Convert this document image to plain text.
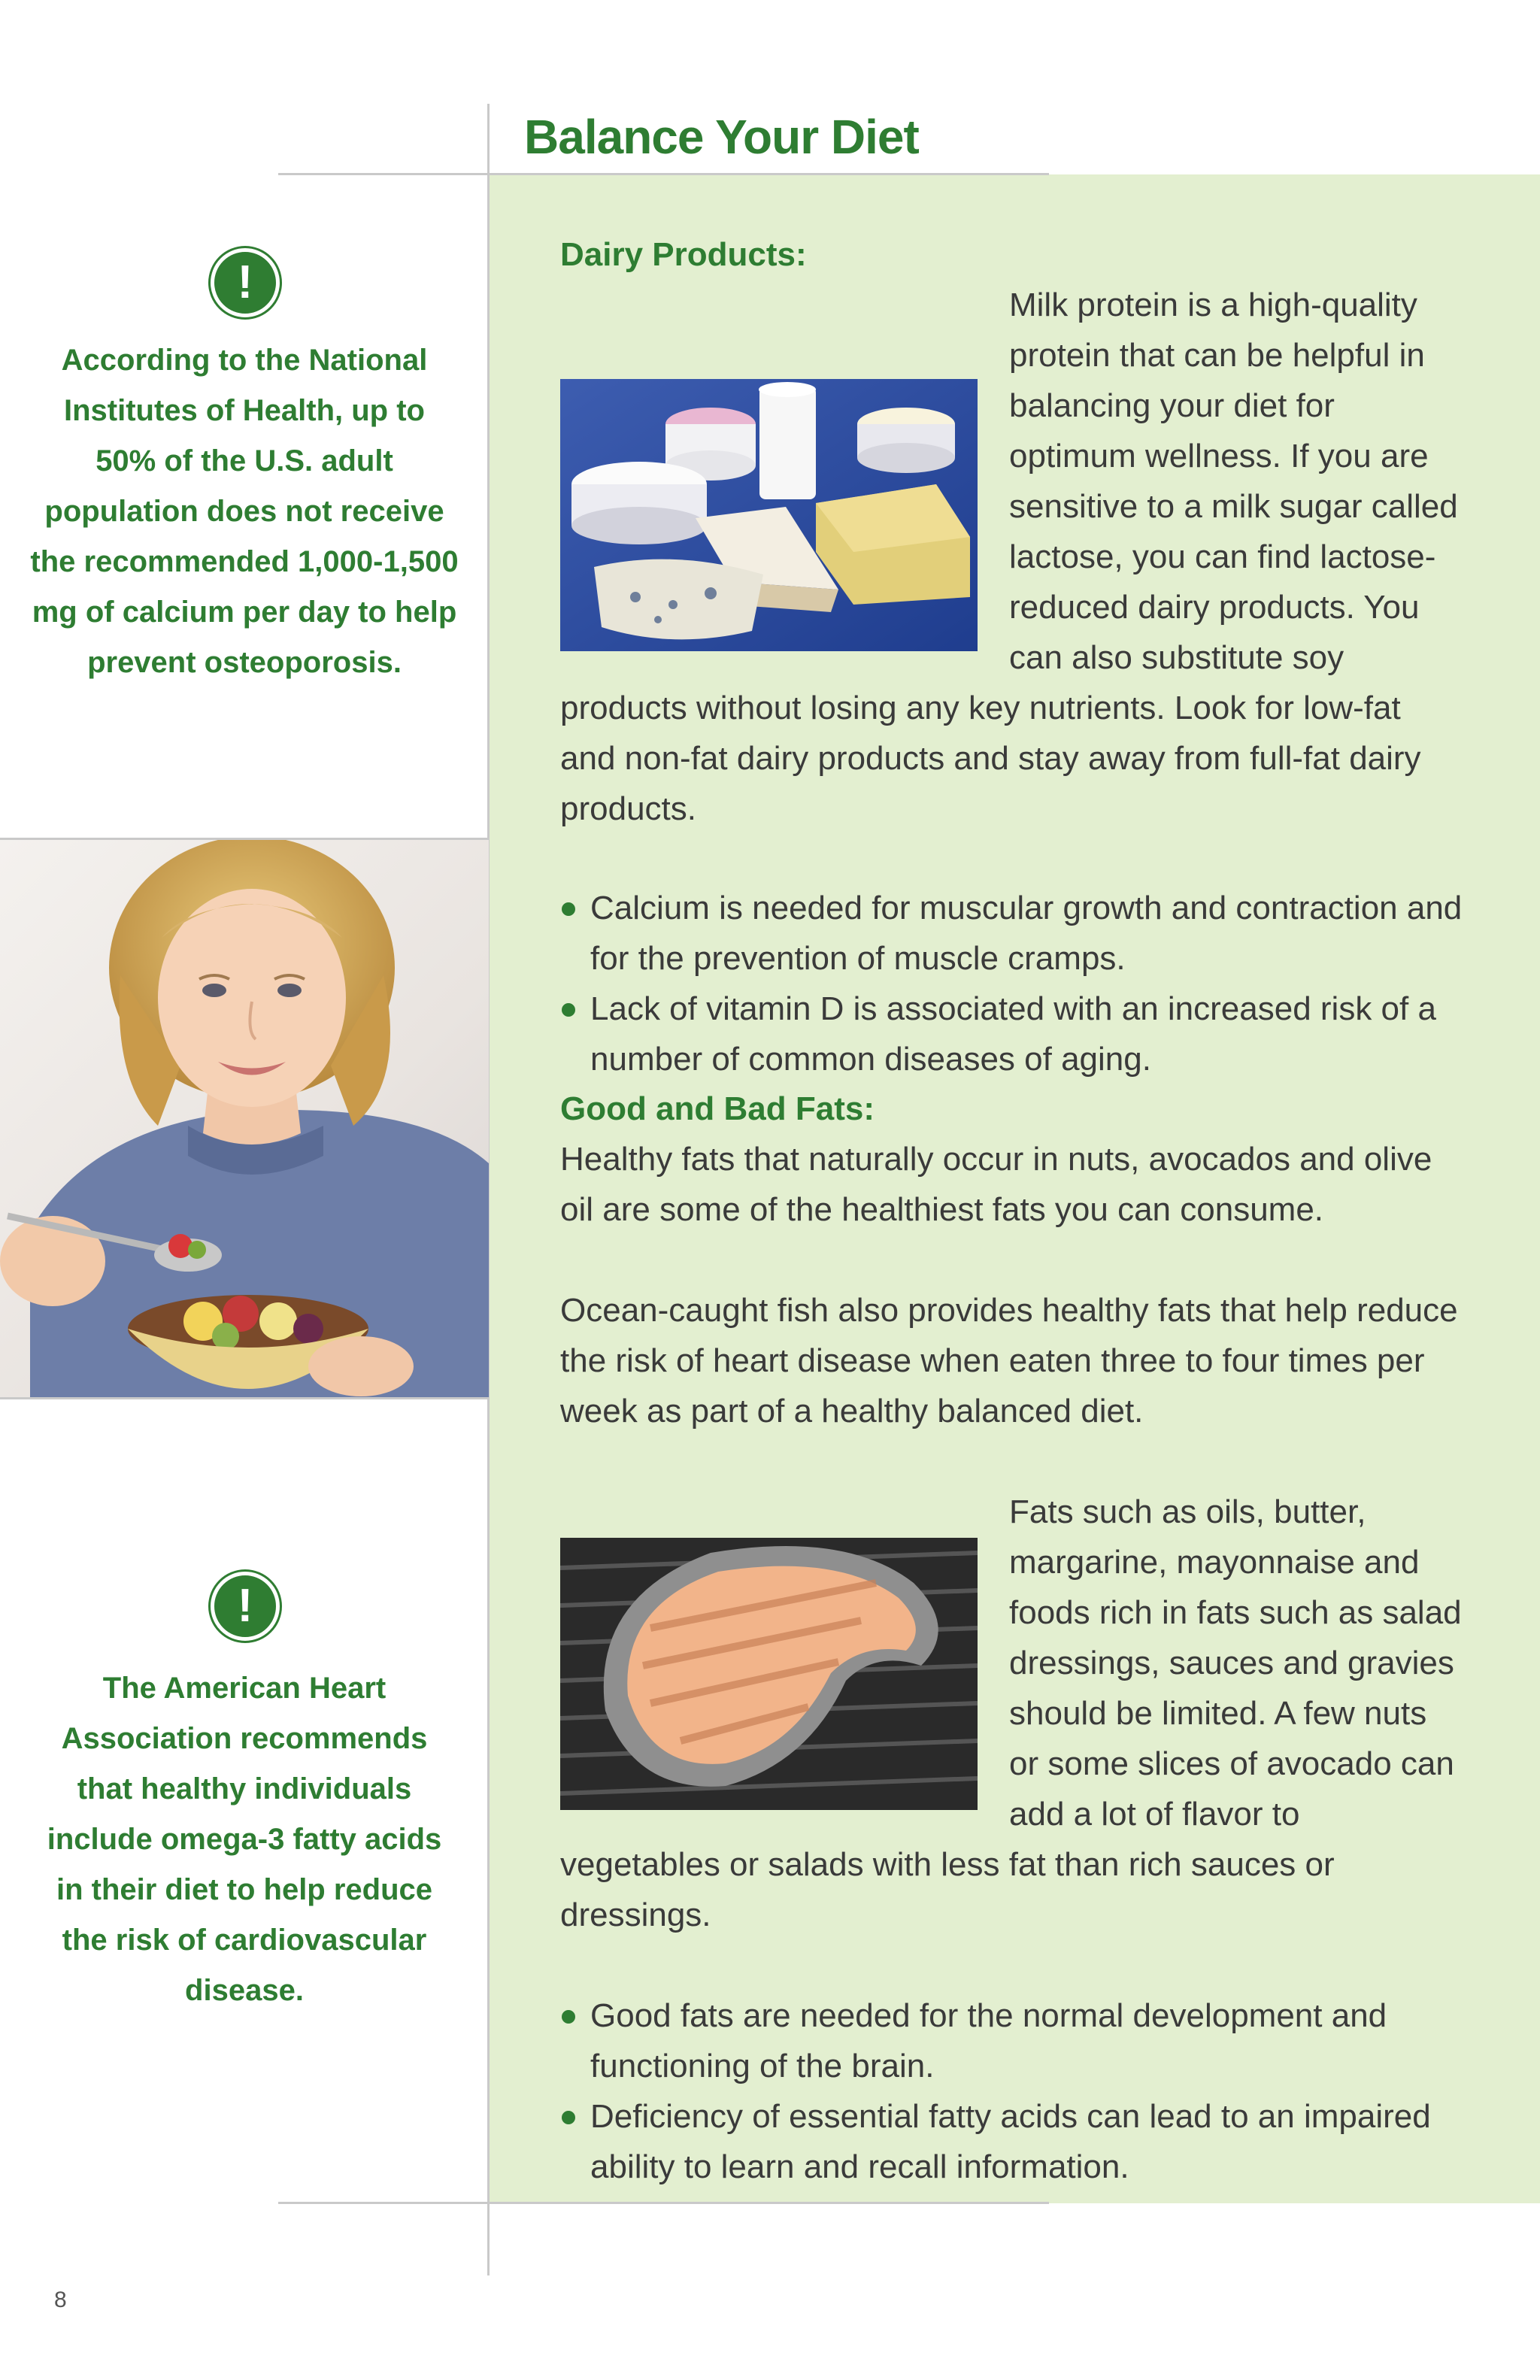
Balance Your Diet
!
According to the National Institutes of Health, up to 50% of the U.S. adult population does not receive the recommended 1,000-1,500 mg of calcium per day to help prevent osteoporosis.
!
The American Heart Association recommends that healthy individuals include omega-3 fatty acids in their diet to help reduce the risk of cardiovascular disease.
Dairy Products:

Milk protein is a high-quality protein that can be helpful in balancing your diet for optimum wellness. If you are sensitive to a milk sugar called lactose, you can find lactose-reduced dairy products. You can also substitute soy products without losing any key nutrients. Look for low-fat and non-fat dairy products and stay away from full-fat dairy products.

Calcium is needed for muscular growth and contraction and for the prevention of muscle cramps.
Lack of vitamin D is associated with an increased risk of a number of common diseases of aging.
Good and Bad Fats:

Healthy fats that naturally occur in nuts, avocados and olive oil are some of the healthiest fats you can consume.

Ocean-caught fish also provides healthy fats that help reduce the risk of heart disease when eaten three to four times per week as part of a healthy balanced diet.

Fats such as oils, butter, margarine, mayonnaise and foods rich in fats such as salad dressings, sauces and gravies should be limited. A few nuts or some slices of avocado can add a lot of flavor to vegetables or salads with less fat than rich sauces or dressings.

Good fats are needed for the normal development and functioning of the brain.
Deficiency of essential fatty acids can lead to an impaired ability to learn and recall information.
8
